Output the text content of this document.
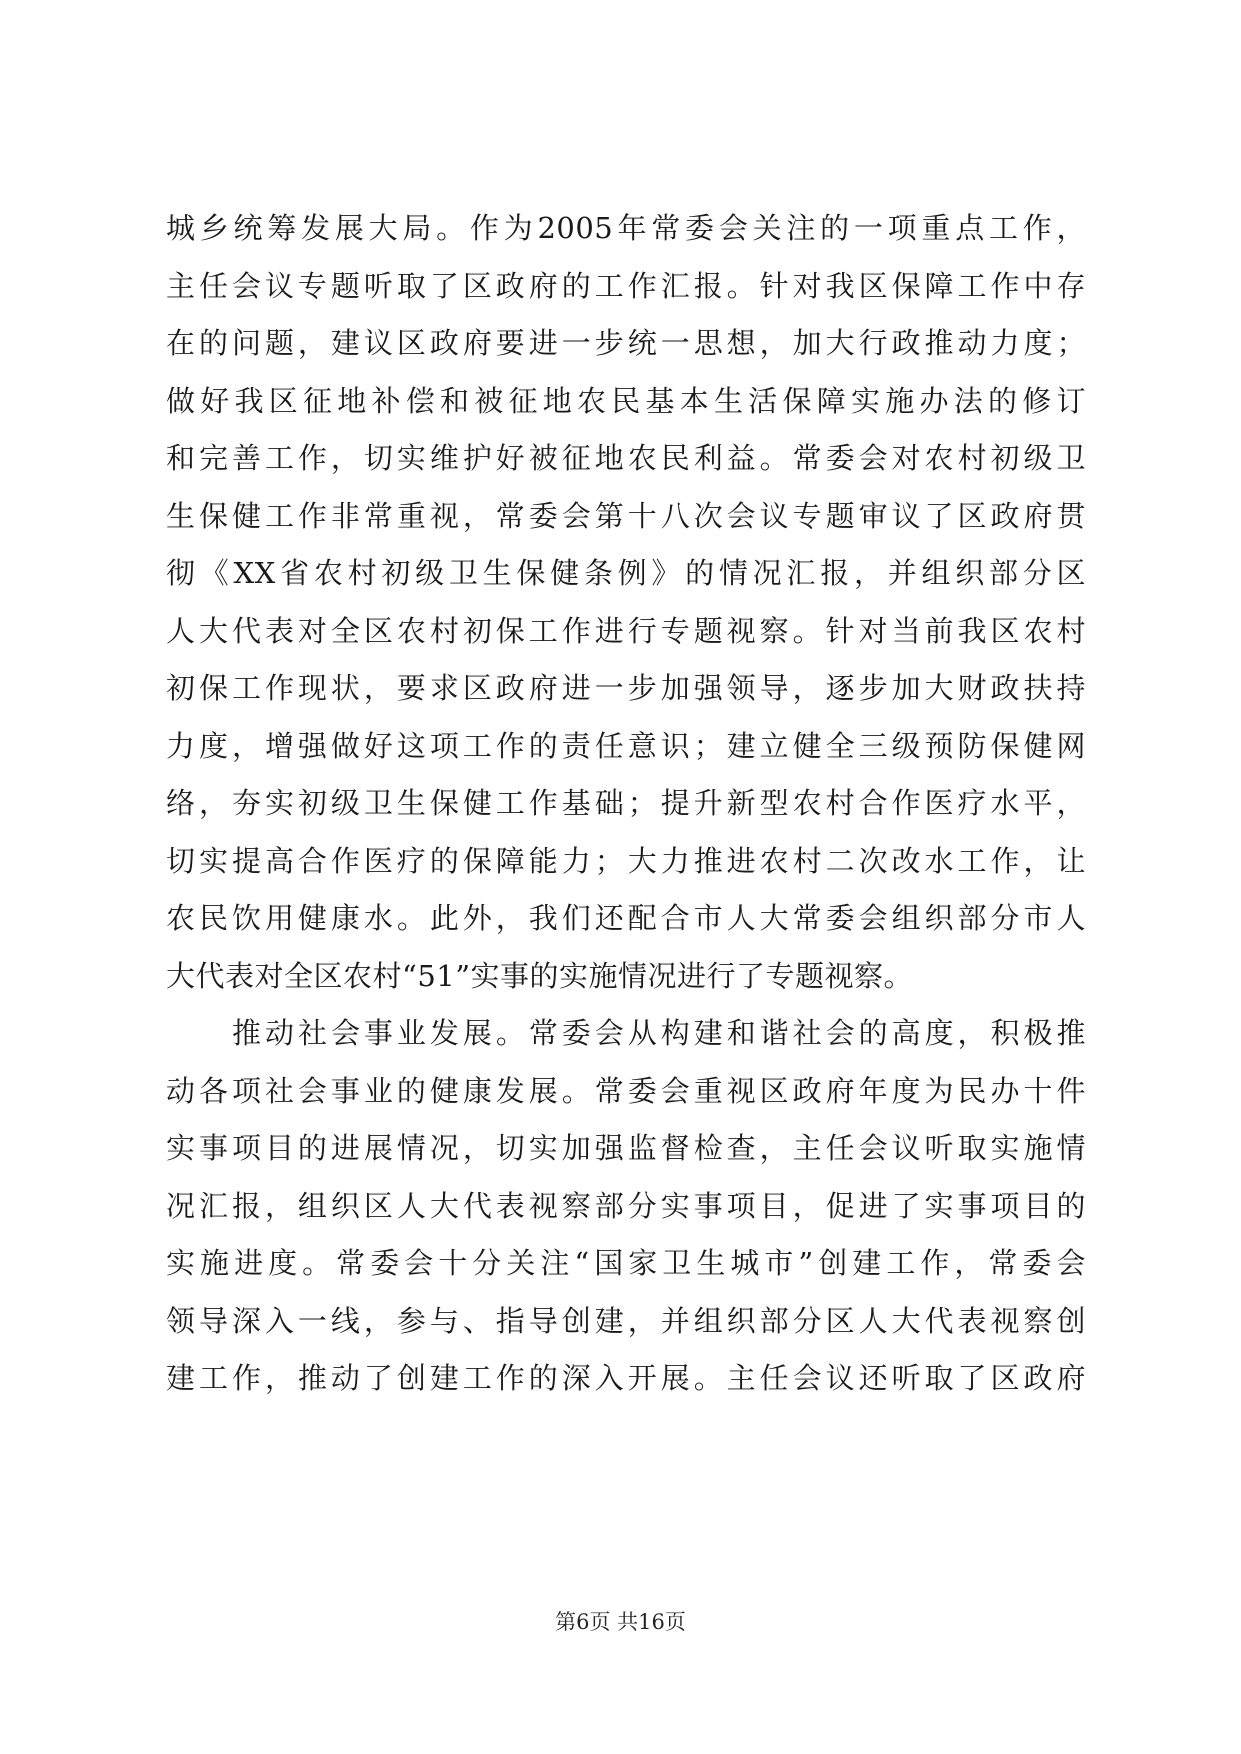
城乡统筹发展大局。作为2005年常委会关注的一项重点工作，
主任会议专题听取了区政府的工作汇报。针对我区保障工作中存
在的问题，建议区政府要进一步统一思想，加大行政推动力度；
做好我区征地补偿和被征地农民基本生活保障实施办法的修订
和完善工作，切实维护好被征地农民利益。常委会对农村初级卫
生保健工作非常重视，常委会第十八次会议专题审议了区政府贯
彻《XX省农村初级卫生保健条例》的情况汇报，并组织部分区
人大代表对全区农村初保工作进行专题视察。针对当前我区农村
初保工作现状，要求区政府进一步加强领导，逐步加大财政扶持
力度，增强做好这项工作的责任意识；建立健全三级预防保健网
络，夯实初级卫生保健工作基础；提升新型农村合作医疗水平，
切实提高合作医疗的保障能力；大力推进农村二次改水工作，让
农民饮用健康水。此外，我们还配合市人大常委会组织部分市人
大代表对全区农村“51”实事的实施情况进行了专题视察。
推动社会事业发展。常委会从构建和谐社会的高度，积极推
动各项社会事业的健康发展。常委会重视区政府年度为民办十件
实事项目的进展情况，切实加强监督检查，主任会议听取实施情
况汇报，组织区人大代表视察部分实事项目，促进了实事项目的
实施进度。常委会十分关注“国家卫生城市”创建工作，常委会
领导深入一线，参与、指导创建，并组织部分区人大代表视察创
建工作，推动了创建工作的深入开展。主任会议还听取了区政府
第6页 共16页
